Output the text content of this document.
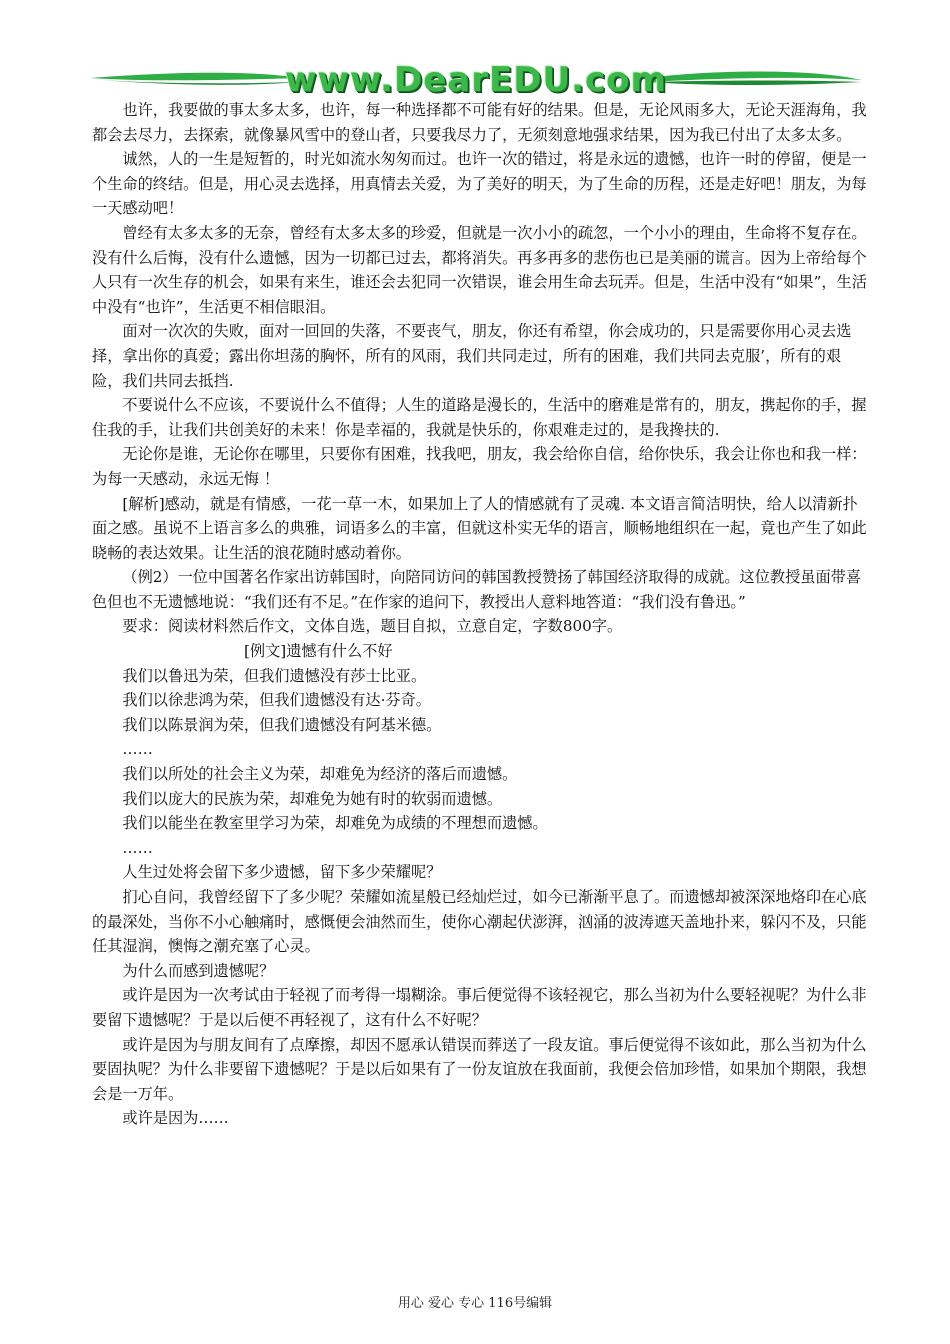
www.DearEDU.com

也许，我要做的事太多太多，也许，每一种选择都不可能有好的结果。但是，无论风雨多大，无论天涯海角，我都会去尽力，去探索，就像暴风雪中的登山者，只要我尽力了，无须刻意地强求结果，因为我已付出了太多太多。

诚然，人的一生是短暂的，时光如流水匆匆而过。也许一次的错过，将是永远的遗憾，也许一时的停留，便是一个生命的终结。但是，用心灵去选择，用真情去关爱，为了美好的明天，为了生命的历程，还是走好吧！朋友，为每一天感动吧！

曾经有太多太多的无奈，曾经有太多太多的珍爱，但就是一次小小的疏忽，一个小小的理由，生命将不复存在。没有什么后悔，没有什么遗憾，因为一切都已过去，都将消失。再多再多的悲伤也已是美丽的谎言。因为上帝给每个人只有一次生存的机会，如果有来生，谁还会去犯同一次错误，谁会用生命去玩弄。但是，生活中没有“如果”，生活中没有“也许”，生活更不相信眼泪。

面对一次次的失败，面对一回回的失落，不要丧气，朋友，你还有希望，你会成功的，只是需要你用心灵去选择，拿出你的真爱；露出你坦荡的胸怀，所有的风雨，我们共同走过，所有的困难，我们共同去克服’，所有的艰险，我们共同去抵挡.

不要说什么不应该，不要说什么不值得；人生的道路是漫长的，生活中的磨难是常有的，朋友，携起你的手，握住我的手，让我们共创美好的未来！你是幸福的，我就是快乐的，你艰难走过的，是我搀扶的.

无论你是谁，无论你在哪里，只要你有困难，找我吧，朋友，我会给你自信，给你快乐，我会让你也和我一样：为每一天感动，永远无悔 ！

[解析]感动，就是有情感，一花一草一木，如果加上了人的情感就有了灵魂. 本文语言简洁明快，给人以清新扑面之感。虽说不上语言多么的典雅，词语多么的丰富，但就这朴实无华的语言，顺畅地组织在一起，竟也产生了如此晓畅的表达效果。让生活的浪花随时感动着你。

（例2）一位中国著名作家出访韩国时，向陪同访问的韩国教授赞扬了韩国经济取得的成就。这位教授虽面带喜色但也不无遗憾地说：“我们还有不足。”在作家的追问下，教授出人意料地答道：“我们没有鲁迅。”

要求：阅读材料然后作文，文体自选，题目自拟，立意自定，字数800字。

[例文]遗憾有什么不好

我们以鲁迅为荣，但我们遗憾没有莎士比亚。

我们以徐悲鸿为荣，但我们遗憾没有达·芬奇。

我们以陈景润为荣，但我们遗憾没有阿基米德。

……

我们以所处的社会主义为荣，却难免为经济的落后而遗憾。

我们以庞大的民族为荣，却难免为她有时的软弱而遗憾。

我们以能坐在教室里学习为荣，却难免为成绩的不理想而遗憾。

……

人生过处将会留下多少遗憾，留下多少荣耀呢？

扪心自问，我曾经留下了多少呢？荣耀如流星般已经灿烂过，如今已渐渐平息了。而遗憾却被深深地烙印在心底的最深处，当你不小心触痛时，感慨便会油然而生，使你心潮起伏澎湃，汹涌的波涛遮天盖地扑来，躲闪不及，只能任其湿润，懊悔之潮充塞了心灵。

为什么而感到遗憾呢？

或许是因为一次考试由于轻视了而考得一塌糊涂。事后便觉得不该轻视它，那么当初为什么要轻视呢？为什么非要留下遗憾呢？于是以后便不再轻视了，这有什么不好呢？

或许是因为与朋友间有了点摩擦，却因不愿承认错误而葬送了一段友谊。事后便觉得不该如此，那么当初为什么要固执呢？为什么非要留下遗憾呢？于是以后如果有了一份友谊放在我面前，我便会倍加珍惜，如果加个期限，我想会是一万年。

或许是因为……

用心 爱心 专心 116号编辑
